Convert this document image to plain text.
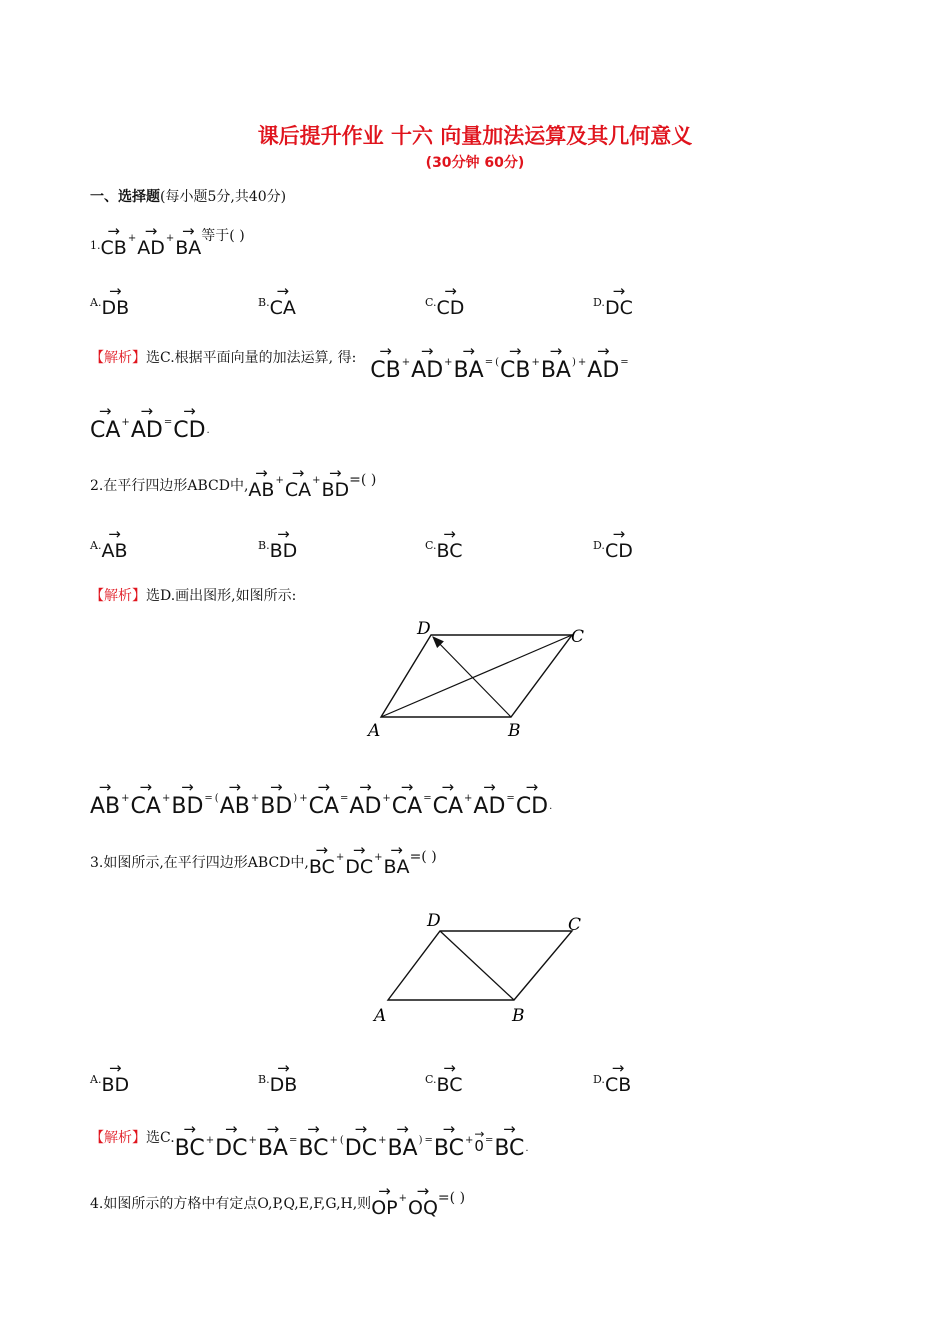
课后提升作业 十六 向量加法运算及其几何意义
(30分钟 60分)
一、选择题(每小题5分,共40分)
1.
→
CB + →
AD + →
BA
等于( )
A.
→
DB	B.
→
CA	C.
→
CD	D.
→
DC
【解析】 选C.根据平面向量的加法运算, 得:	→
CB +
→
AD +
→
BA = (
→
CB +
→
BA ) +
→
AD =
→
CA +
→
AD =
→
CD .
2.在平行四边形ABCD中,
→
AB + →
CA + →
BD =( )
A.
→
AB	B.
→
BD	C.
→
BC	D.
→
CD
【解析】选D.画出图形,如图所示:
A	B
C
D
→
AB +
→
CA +
→
BD = (
→
AB +
→
BD ) +
→
CA =
→
AD +
→
CA =
→
CA +
→
AD =
→
CD .
3.如图所示,在平行四边形ABCD中,
→
BC + →
DC + →
BA =( )
A	B
C
D
A.
→
BD	B.
→
DB	C.
→
BC	D.
→
CB
【解析】 选C. →
BC +
→
DC +
→
BA =
→
BC + (
→
DC +
→
BA ) =
→
BC + →
0 =
→
BC .
4.如图所示的方格中有定点O,P,Q,E,F,G,H,则
→
OP + →
OQ =( )
